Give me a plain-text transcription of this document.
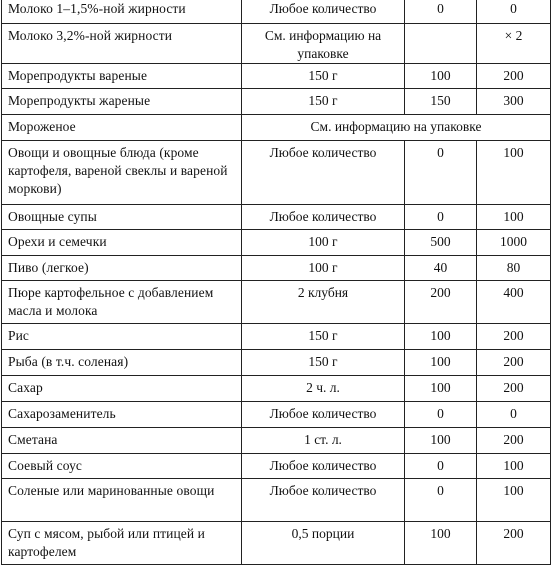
Молоко 1–1,5%-ной жирности	Любое количество	0	0
Молоко 3,2%-ной жирности	См. информацию на упаковке		× 2
Морепродукты вареные	150 г	100	200
Морепродукты жареные	150 г	150	300
Мороженое	См. информацию на упаковке		
Овощи и овощные блюда (кроме картофеля, вареной свеклы и вареной моркови)	Любое количество	0	100
Овощные супы	Любое количество	0	100
Орехи и семечки	100 г	500	1000
Пиво (легкое)	100 г	40	80
Пюре картофельное с добавлением масла и молока	2 клубня	200	400
Рис	150 г	100	200
Рыба (в т.ч. соленая)	150 г	100	200
Сахар	2 ч. л.	100	200
Сахарозаменитель	Любое количество	0	0
Сметана	1 ст. л.	100	200
Соевый соус	Любое количество	0	100
Соленые или маринованные овощи	Любое количество	0	100
Суп с мясом, рыбой или птицей и картофелем	0,5 порции	100	200
